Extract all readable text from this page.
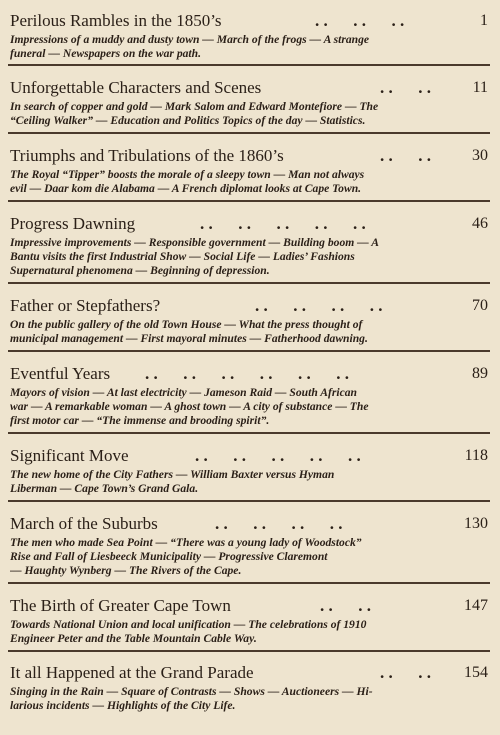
Perilous Rambles in the 1850’s	. .      . .      . .	1
Impressions of a muddy and dusty town — March of the frogs — A strange
funeral — Newspapers on the war path.
Unforgettable Characters and Scenes	. .      . .	11
In search of copper and gold — Mark Salom and Edward Montefiore — The
“Ceiling Walker” — Education and Politics Topics of the day — Statistics.
Triumphs and Tribulations of the 1860’s	. .      . .	30
The Royal “Tipper” boosts the morale of a sleepy town — Man not always
evil — Daar kom die Alabama — A French diplomat looks at Cape Town.
Progress Dawning	. .      . .      . .      . .      . .	46
Impressive improvements — Responsible government — Building boom — A
Bantu visits the first Industrial Show — Social Life — Ladies’ Fashions
Supernatural phenomena — Beginning of depression.
Father or Stepfathers?	. .      . .      . .      . .	70
On the public gallery of the old Town House — What the press thought of
municipal management — First mayoral minutes — Fatherhood dawning.
Eventful Years . .      . .      . .      . .      . .      . .	89
Mayors of vision — At last electricity — Jameson Raid — South African
war — A remarkable woman — A ghost town — A city of substance — The
first motor car — “The immense and brooding spirit”.
Significant Move	. .      . .      . .      . .      . .	118
The new home of the City Fathers — William Baxter versus Hyman
Liberman — Cape Town’s Grand Gala.
March of the Suburbs	. .      . .      . .      . .	130
The men who made Sea Point — “There was a young lady of Woodstock”
Rise and Fall of Liesbeeck Municipality — Progressive Claremont
— Haughty Wynberg — The Rivers of the Cape.
The Birth of Greater Cape Town	. .      . .	147
Towards National Union and local unification — The celebrations of 1910
Engineer Peter and the Table Mountain Cable Way.
It all Happened at the Grand Parade	. .      . . 154
Singing in the Rain — Square of Contrasts — Shows — Auctioneers — Hi-
larious incidents — Highlights of the City Life.
